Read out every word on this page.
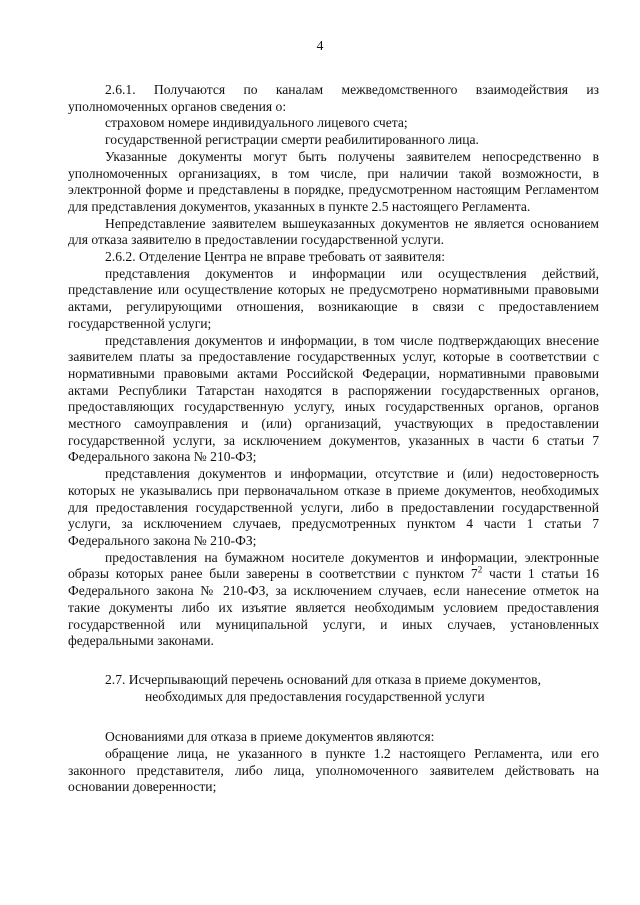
4

2.6.1. Получаются по каналам межведомственного взаимодействия из уполномоченных органов сведения о:

страховом номере индивидуального лицевого счета;

государственной регистрации смерти реабилитированного лица.

Указанные документы могут быть получены заявителем непосредственно в уполномоченных организациях, в том числе, при наличии такой возможности, в электронной форме и представлены в порядке, предусмотренном настоящим Регламентом для представления документов, указанных в пункте 2.5 настоящего Регламента.

Непредставление заявителем вышеуказанных документов не является основанием для отказа заявителю в предоставлении государственной услуги.

2.6.2. Отделение Центра не вправе требовать от заявителя:

представления документов и информации или осуществления действий, представление или осуществление которых не предусмотрено нормативными правовыми актами, регулирующими отношения, возникающие в связи с предоставлением государственной услуги;

представления документов и информации, в том числе подтверждающих внесение заявителем платы за предоставление государственных услуг, которые в соответствии с нормативными правовыми актами Российской Федерации, нормативными правовыми актами Республики Татарстан находятся в распоряжении государственных органов, предоставляющих государственную услугу, иных государственных органов, органов местного самоуправления и (или) организаций, участвующих в предоставлении государственной услуги, за исключением документов, указанных в части 6 статьи 7 Федерального закона № 210-ФЗ;

представления документов и информации, отсутствие и (или) недостоверность которых не указывались при первоначальном отказе в приеме документов, необходимых для предоставления государственной услуги, либо в предоставлении государственной услуги, за исключением случаев, предусмотренных пунктом 4 части 1 статьи 7 Федерального закона № 210-ФЗ;

предоставления на бумажном носителе документов и информации, электронные образы которых ранее были заверены в соответствии с пунктом $7^2$ части 1 статьи 16 Федерального закона № 210-ФЗ, за исключением случаев, если нанесение отметок на такие документы либо их изъятие является необходимым условием предоставления государственной или муниципальной услуги, и иных случаев, установленных федеральными законами.

2.7. Исчерпывающий перечень оснований для отказа в приеме документов,
необходимых для предоставления государственной услуги

Основаниями для отказа в приеме документов являются:

обращение лица, не указанного в пункте 1.2 настоящего Регламента, или его законного представителя, либо лица, уполномоченного заявителем действовать на основании доверенности;
